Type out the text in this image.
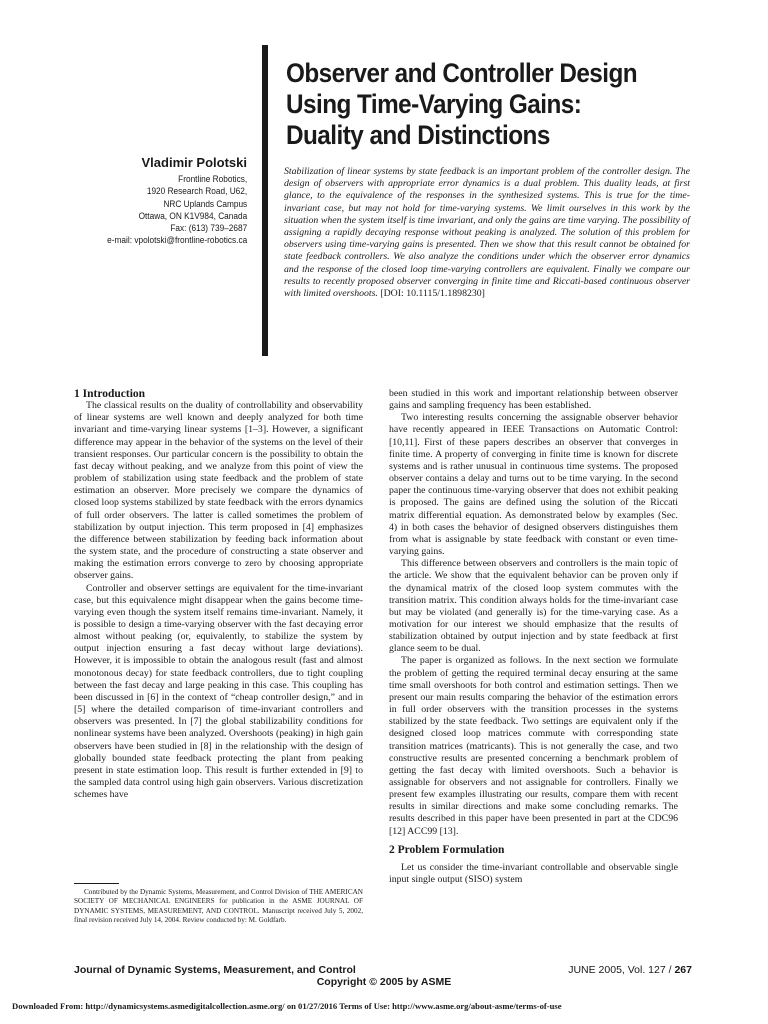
Observer and Controller Design
Using Time-Varying Gains:
Duality and Distinctions
Vladimir Polotski
Frontline Robotics,
1920 Research Road, U62,
NRC Uplands Campus
Ottawa, ON K1V984, Canada
Fax: (613) 739–2687
e-mail: vpolotski@frontline-robotics.ca
Stabilization of linear systems by state feedback is an important problem of the controller design. The design of observers with appropriate error dynamics is a dual problem. This duality leads, at first glance, to the equivalence of the responses in the synthesized systems. This is true for the time-invariant case, but may not hold for time-varying systems. We limit ourselves in this work by the situation when the system itself is time invariant, and only the gains are time varying. The possibility of assigning a rapidly decaying response without peaking is analyzed. The solution of this problem for observers using time-varying gains is presented. Then we show that this result cannot be obtained for state feedback controllers. We also analyze the conditions under which the observer error dynamics and the response of the closed loop time-varying controllers are equivalent. Finally we compare our results to recently proposed observer converging in finite time and Riccati-based continuous observer with limited overshoots. [DOI: 10.1115/1.1898230]

1 Introduction

The classical results on the duality of controllability and observability of linear systems are well known and deeply analyzed for both time invariant and time-varying linear systems [1–3]. However, a significant difference may appear in the behavior of the systems on the level of their transient responses. Our particular concern is the possibility to obtain the fast decay without peaking, and we analyze from this point of view the problem of stabilization using state feedback and the problem of state estimation an observer. More precisely we compare the dynamics of closed loop systems stabilized by state feedback with the errors dynamics of full order observers. The latter is called sometimes the problem of stabilization by output injection. This term proposed in [4] emphasizes the difference between stabilization by feeding back information about the system state, and the procedure of constructing a state observer and making the estimation errors converge to zero by choosing appropriate observer gains.

Controller and observer settings are equivalent for the time-invariant case, but this equivalence might disappear when the gains become time-varying even though the system itself remains time-invariant. Namely, it is possible to design a time-varying observer with the fast decaying error almost without peaking (or, equivalently, to stabilize the system by output injection ensuring a fast decay without large deviations). However, it is impossible to obtain the analogous result (fast and almost monotonous decay) for state feedback controllers, due to tight coupling between the fast decay and large peaking in this case. This coupling has been discussed in [6] in the context of “cheap controller design,” and in [5] where the detailed comparison of time-invariant controllers and observers was presented. In [7] the global stabilizability conditions for nonlinear systems have been analyzed. Overshoots (peaking) in high gain observers have been studied in [8] in the relationship with the design of globally bounded state feedback protecting the plant from peaking present in state estimation loop. This result is further extended in [9] to the sampled data control using high gain observers. Various discretization schemes have

been studied in this work and important relationship between observer gains and sampling frequency has been established.

Two interesting results concerning the assignable observer behavior have recently appeared in IEEE Transactions on Automatic Control: [10,11]. First of these papers describes an observer that converges in finite time. A property of converging in finite time is known for discrete systems and is rather unusual in continuous time systems. The proposed observer contains a delay and turns out to be time varying. In the second paper the continuous time-varying observer that does not exhibit peaking is proposed. The gains are defined using the solution of the Riccati matrix differential equation. As demonstrated below by examples (Sec. 4) in both cases the behavior of designed observers distinguishes them from what is assignable by state feedback with constant or even time-varying gains.

This difference between observers and controllers is the main topic of the article. We show that the equivalent behavior can be proven only if the dynamical matrix of the closed loop system commutes with the transition matrix. This condition always holds for the time-invariant case but may be violated (and generally is) for the time-varying case. As a motivation for our interest we should emphasize that the results of stabilization obtained by output injection and by state feedback at first glance seem to be dual.

The paper is organized as follows. In the next section we formulate the problem of getting the required terminal decay ensuring at the same time small overshoots for both control and estimation settings. Then we present our main results comparing the behavior of the estimation errors in full order observers with the transition processes in the systems stabilized by the state feedback. Two settings are equivalent only if the designed closed loop matrices commute with corresponding state transition matrices (matricants). This is not generally the case, and two constructive results are presented concerning a benchmark problem of getting the fast decay with limited overshoots. Such a behavior is assignable for observers and not assignable for controllers. Finally we present few examples illustrating our results, compare them with recent results in similar directions and make some concluding remarks. The results described in this paper have been presented in part at the CDC96 [12] ACC99 [13].

2 Problem Formulation

Let us consider the time-invariant controllable and observable single input single output (SISO) system

Contributed by the Dynamic Systems, Measurement, and Control Division of THE AMERICAN SOCIETY OF MECHANICAL ENGINEERS for publication in the ASME JOURNAL OF DYNAMIC SYSTEMS, MEASUREMENT, AND CONTROL. Manuscript received July 5, 2002, final revision received July 14, 2004. Review conducted by: M. Goldfarb.
Journal of Dynamic Systems, Measurement, and Control	JUNE 2005, Vol. 127 / 267
Copyright © 2005 by ASME
Downloaded From: http://dynamicsystems.asmedigitalcollection.asme.org/ on 01/27/2016 Terms of Use: http://www.asme.org/about-asme/terms-of-use
